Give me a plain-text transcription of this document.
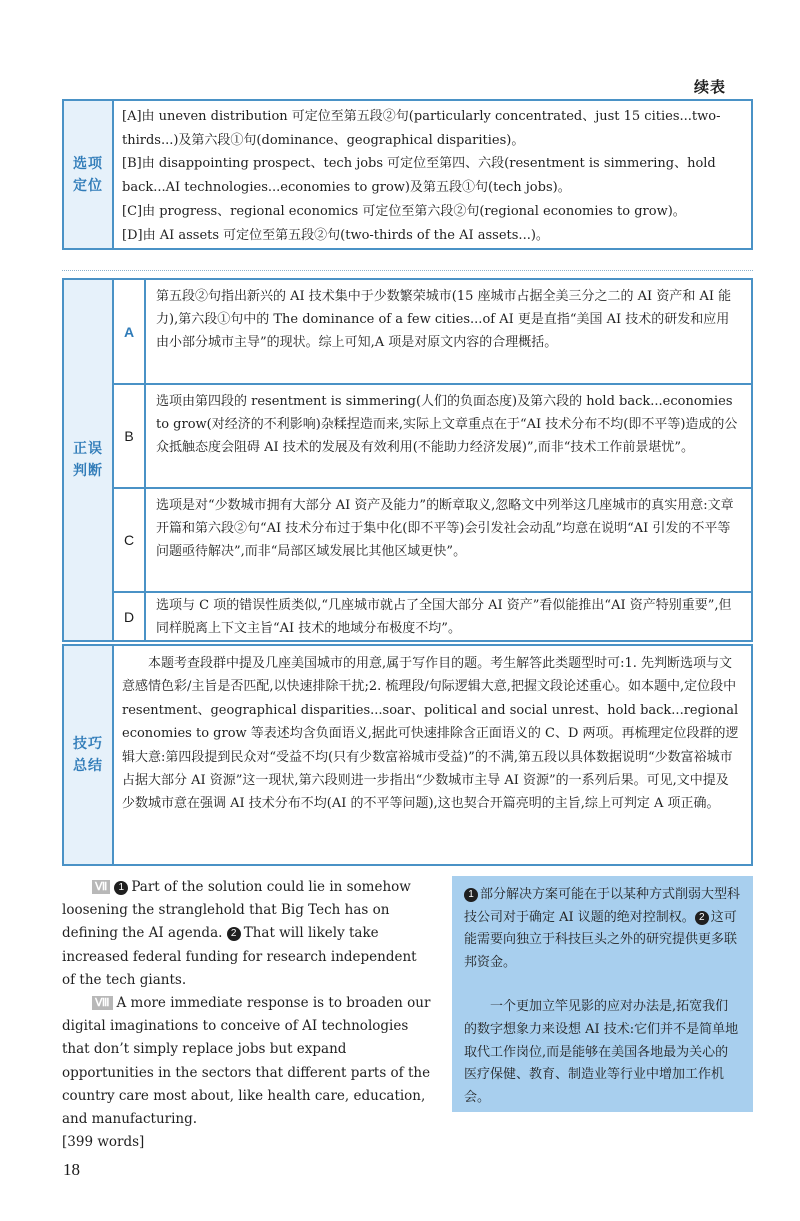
续表
选项
定位

[A]由 uneven distribution 可定位至第五段②句(particularly concentrated、just 15 cities...two-thirds...)及第六段①句(dominance、geographical disparities)。

[B]由 disappointing prospect、tech jobs 可定位至第四、六段(resentment is simmering、hold back...AI technologies...economies to grow)及第五段①句(tech jobs)。

[C]由 progress、regional economics 可定位至第六段②句(regional economies to grow)。

[D]由 AI assets 可定位至第五段②句(two-thirds of the AI assets...)。

正误
判断
A
第五段②句指出新兴的 AI 技术集中于少数繁荣城市(15 座城市占据全美三分之二的 AI 资产和 AI 能力),第六段①句中的 The dominance of a few cities...of AI 更是直指“美国 AI 技术的研发和应用由小部分城市主导”的现状。综上可知,A 项是对原文内容的合理概括。
B
选项由第四段的 resentment is simmering(人们的负面态度)及第六段的 hold back...economies to grow(对经济的不利影响)杂糅捏造而来,实际上文章重点在于“AI 技术分布不均(即不平等)造成的公众抵触态度会阻碍 AI 技术的发展及有效利用(不能助力经济发展)”,而非“技术工作前景堪忧”。
C
选项是对“少数城市拥有大部分 AI 资产及能力”的断章取义,忽略文中列举这几座城市的真实用意:文章开篇和第六段②句“AI 技术分布过于集中化(即不平等)会引发社会动乱”均意在说明“AI 引发的不平等问题亟待解决”,而非“局部区域发展比其他区域更快”。
D
选项与 C 项的错误性质类似,“几座城市就占了全国大部分 AI 资产”看似能推出“AI 资产特别重要”,但同样脱离上下文主旨“AI 技术的地域分布极度不均”。
技巧
总结

本题考查段群中提及几座美国城市的用意,属于写作目的题。考生解答此类题型时可:1. 先判断选项与文意感情色彩/主旨是否匹配,以快速排除干扰;2. 梳理段/句际逻辑大意,把握文段论述重心。如本题中,定位段中 resentment、geographical disparities...soar、political and social unrest、hold back...regional economies to grow 等表述均含负面语义,据此可快速排除含正面语义的 C、D 两项。再梳理定位段群的逻辑大意:第四段提到民众对“受益不均(只有少数富裕城市受益)”的不满,第五段以具体数据说明“少数富裕城市占据大部分 AI 资源”这一现状,第六段则进一步指出“少数城市主导 AI 资源”的一系列后果。可见,文中提及少数城市意在强调 AI 技术分布不均(AI 的不平等问题),这也契合开篇亮明的主旨,综上可判定 A 项正确。

Ⅶ 1 Part of the solution could lie in somehow loosening the stranglehold that Big Tech has on defining the AI agenda. 2 That will likely take increased federal funding for research independent of the tech giants.

Ⅷ A more immediate response is to broaden our digital imaginations to conceive of AI technologies that don’t simply replace jobs but expand opportunities in the sectors that different parts of the country care most about, like health care, education, and manufacturing.

[399 words]

1 部分解决方案可能在于以某种方式削弱大型科技公司对于确定 AI 议题的绝对控制权。 2 这可能需要向独立于科技巨头之外的研究提供更多联邦资金。

一个更加立竿见影的应对办法是,拓宽我们的数字想象力来设想 AI 技术:它们并不是简单地取代工作岗位,而是能够在美国各地最为关心的医疗保健、教育、制造业等行业中增加工作机会。

18
